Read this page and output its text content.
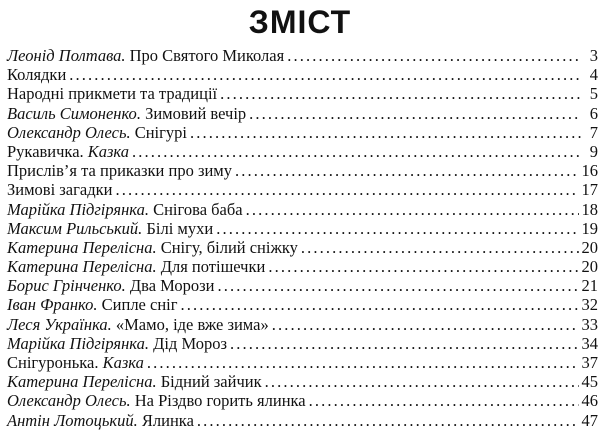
ЗМІСТ
Леонід Полтава. Про Святого Миколая . . .	3
Колядки . . .	4
Народні прикмети та традиції . . .	5
Василь Симоненко. Зимовий вечір . . .	6
Олександр Олесь. Снігурі . . .	7
Рукавичка. Казка . . .	9
Прислів’я та приказки про зиму . . .	16
Зимові загадки . . .	17
Марійка Підгірянка. Снігова баба . . .	18
Максим Рильський. Білі мухи . . .	19
Катерина Перелісна. Снігу, білий сніжку . . .	20
Катерина Перелісна. Для потішечки . . .	20
Борис Грінченко. Два Морози . . .	21
Іван Франко. Сипле сніг . . .	32
Леся Українка. «Мамо, іде вже зима» . . .	33
Марійка Підгірянка. Дід Мороз . . .	34
Снігуронька. Казка . . .	37
Катерина Перелісна. Бідний зайчик . . .	45
Олександр Олесь. На Різдво горить ялинка . . .	46
Антін Лотоцький. Ялинка . . .	47
